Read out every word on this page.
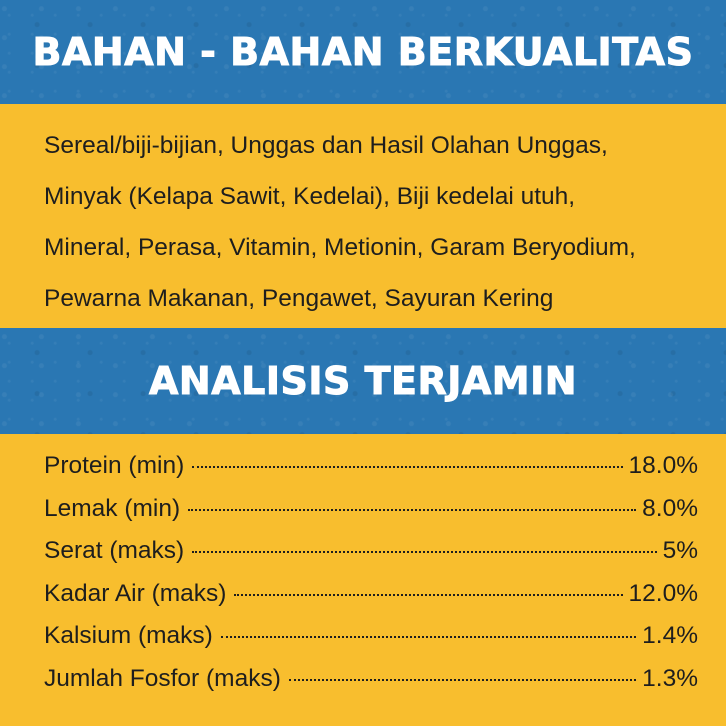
BAHAN - BAHAN BERKUALITAS
Sereal/biji-bijian, Unggas dan Hasil Olahan Unggas,
Minyak (Kelapa Sawit, Kedelai), Biji kedelai utuh,
Mineral, Perasa, Vitamin, Metionin, Garam Beryodium,
Pewarna Makanan, Pengawet, Sayuran Kering
ANALISIS TERJAMIN
Protein (min)	18.0%
Lemak (min)	8.0%
Serat (maks)	5%
Kadar Air (maks)	12.0%
Kalsium (maks)	1.4%
Jumlah Fosfor (maks)	1.3%
